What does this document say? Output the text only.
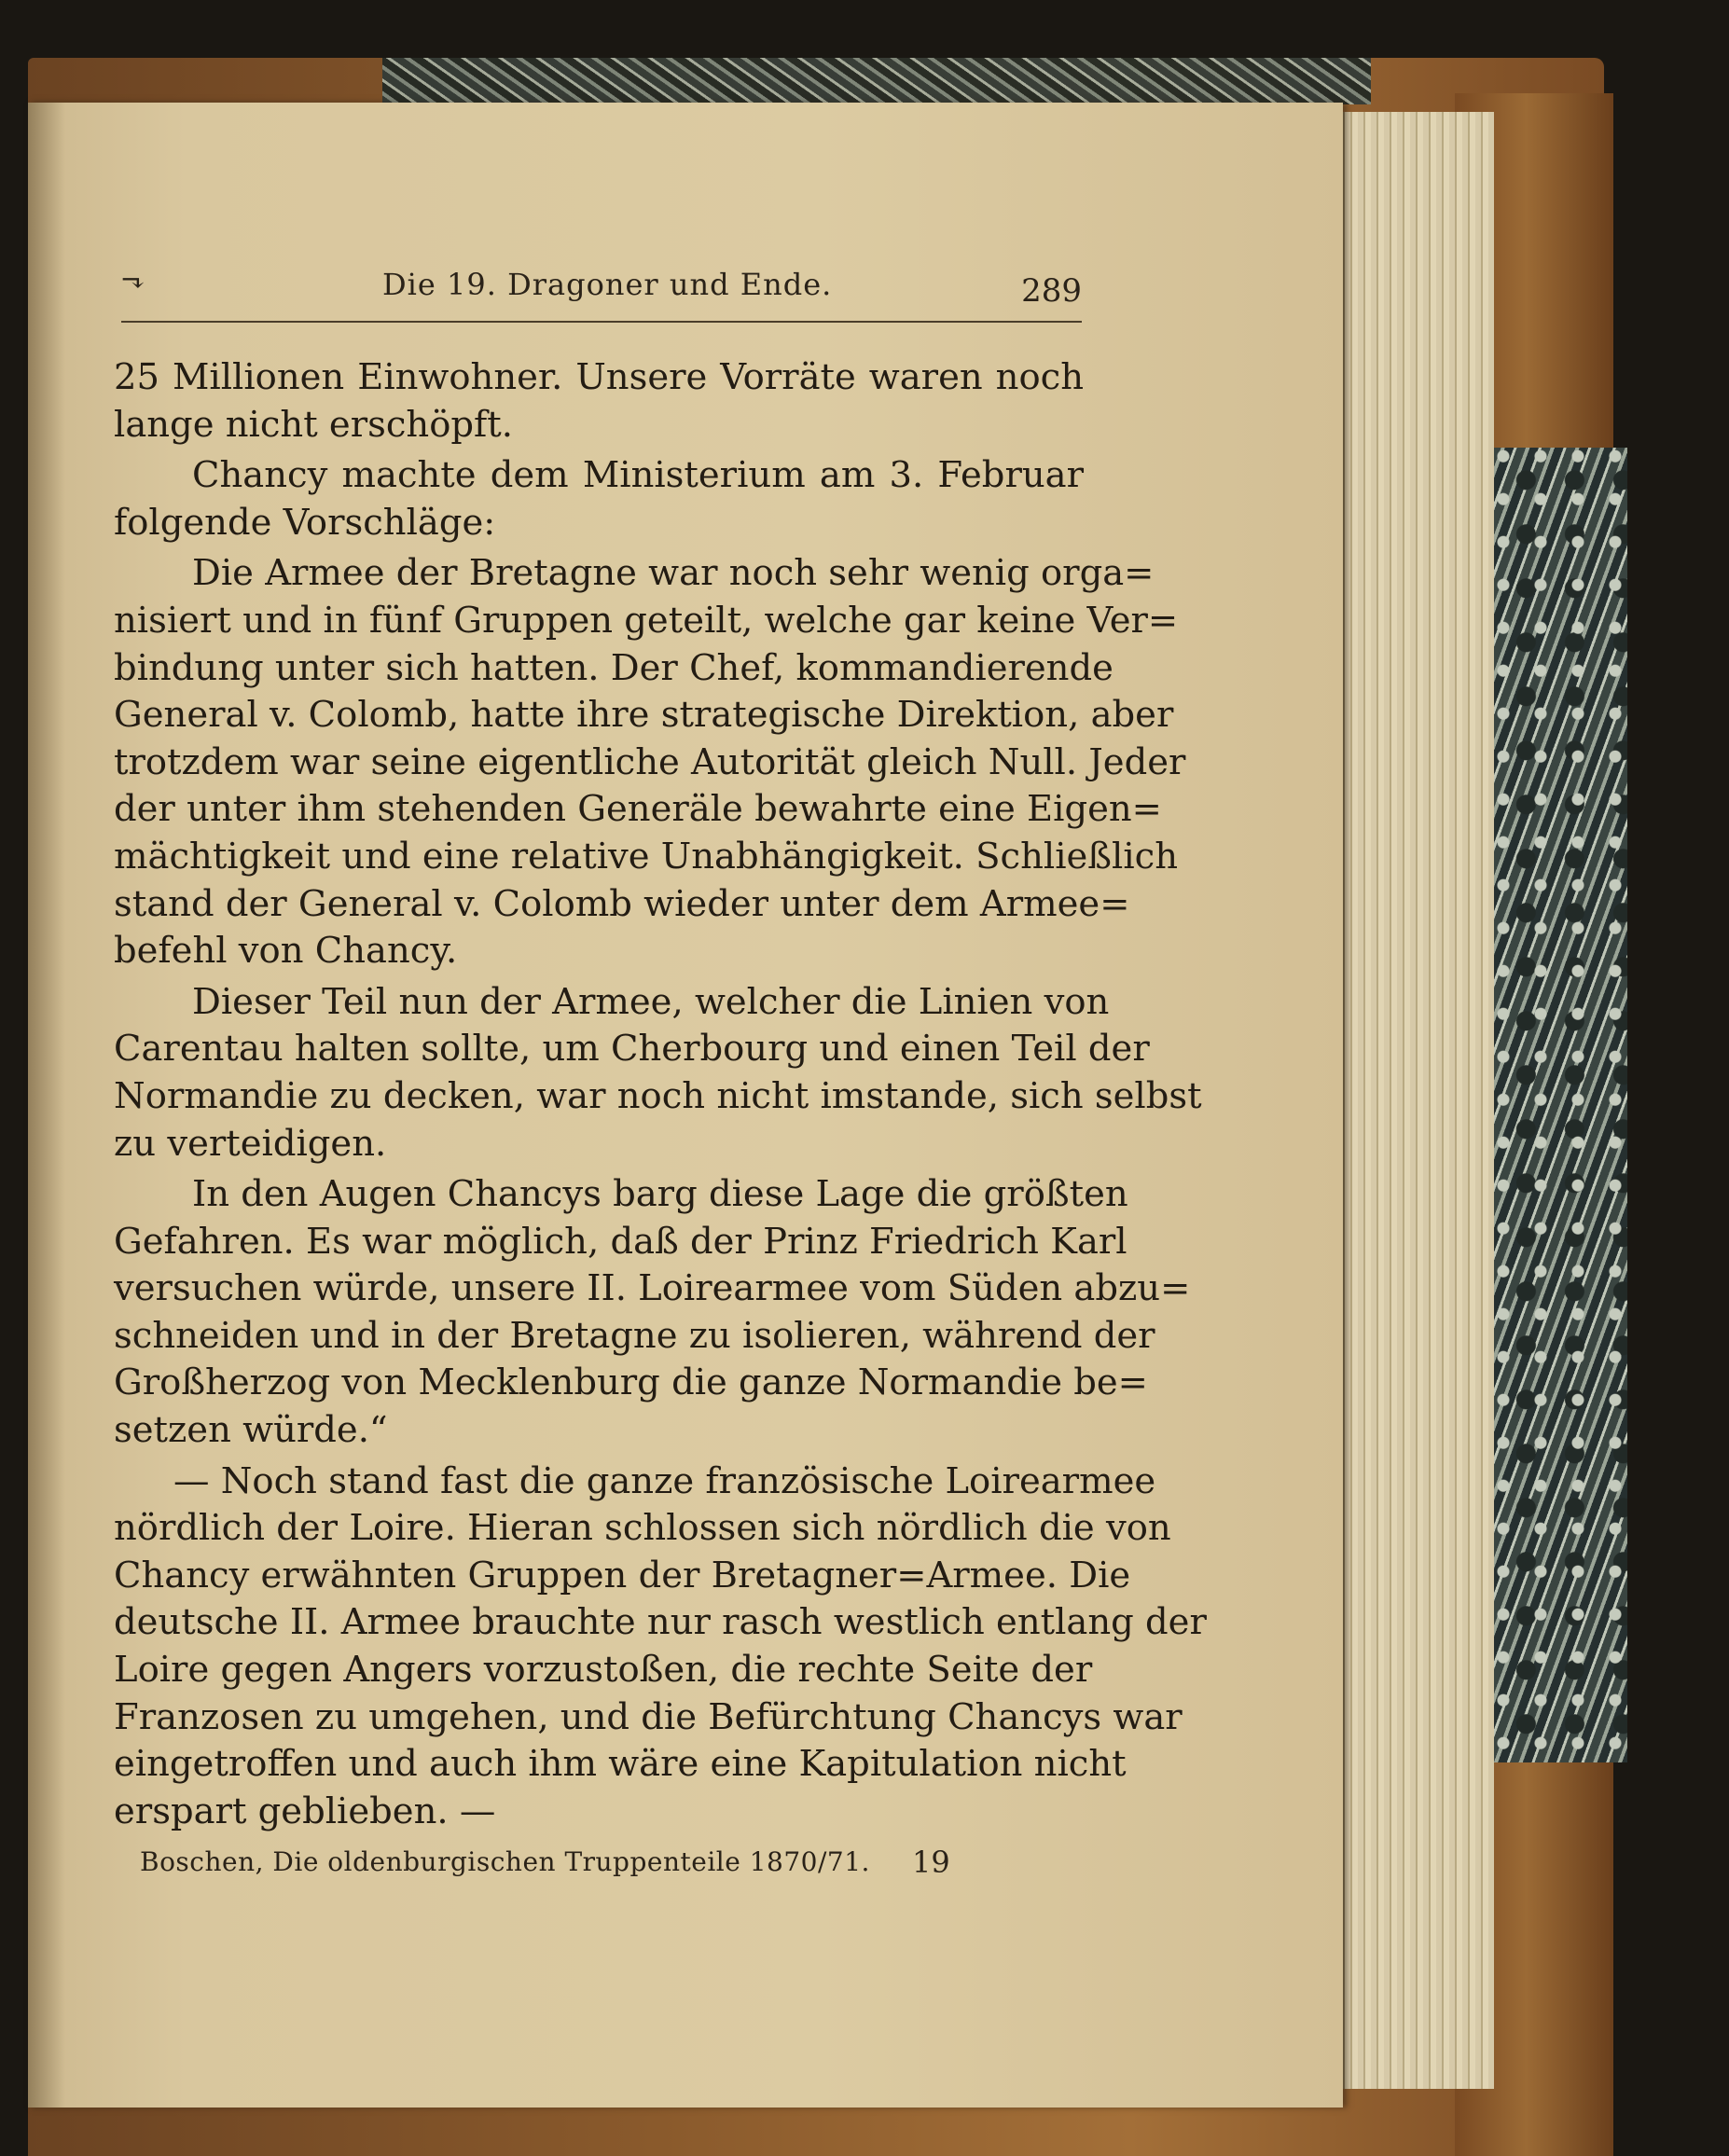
⬎	Die 19. Dragoner und Ende.	289
25 Millionen Einwohner. Unsere Vorräte waren noch
lange nicht erschöpft.
Chancy machte dem Ministerium am 3. Februar
folgende Vorschläge:
Die Armee der Bretagne war noch sehr wenig orga=
nisiert und in fünf Gruppen geteilt, welche gar keine Ver=
bindung unter sich hatten. Der Chef, kommandierende
General v. Colomb, hatte ihre strategische Direktion, aber
trotzdem war seine eigentliche Autorität gleich Null. Jeder
der unter ihm stehenden Generäle bewahrte eine Eigen=
mächtigkeit und eine relative Unabhängigkeit. Schließlich
stand der General v. Colomb wieder unter dem Armee=
befehl von Chancy.
Dieser Teil nun der Armee, welcher die Linien von
Carentau halten sollte, um Cherbourg und einen Teil der
Normandie zu decken, war noch nicht imstande, sich selbst
zu verteidigen.
In den Augen Chancys barg diese Lage die größten
Gefahren. Es war möglich, daß der Prinz Friedrich Karl
versuchen würde, unsere II. Loirearmee vom Süden abzu=
schneiden und in der Bretagne zu isolieren, während der
Großherzog von Mecklenburg die ganze Normandie be=
setzen würde.“
— Noch stand fast die ganze französische Loirearmee
nördlich der Loire. Hieran schlossen sich nördlich die von
Chancy erwähnten Gruppen der Bretagner=Armee. Die
deutsche II. Armee brauchte nur rasch westlich entlang der
Loire gegen Angers vorzustoßen, die rechte Seite der
Franzosen zu umgehen, und die Befürchtung Chancys war
eingetroffen und auch ihm wäre eine Kapitulation nicht
erspart geblieben. —
Boschen, Die oldenburgischen Truppenteile 1870/71. 19
